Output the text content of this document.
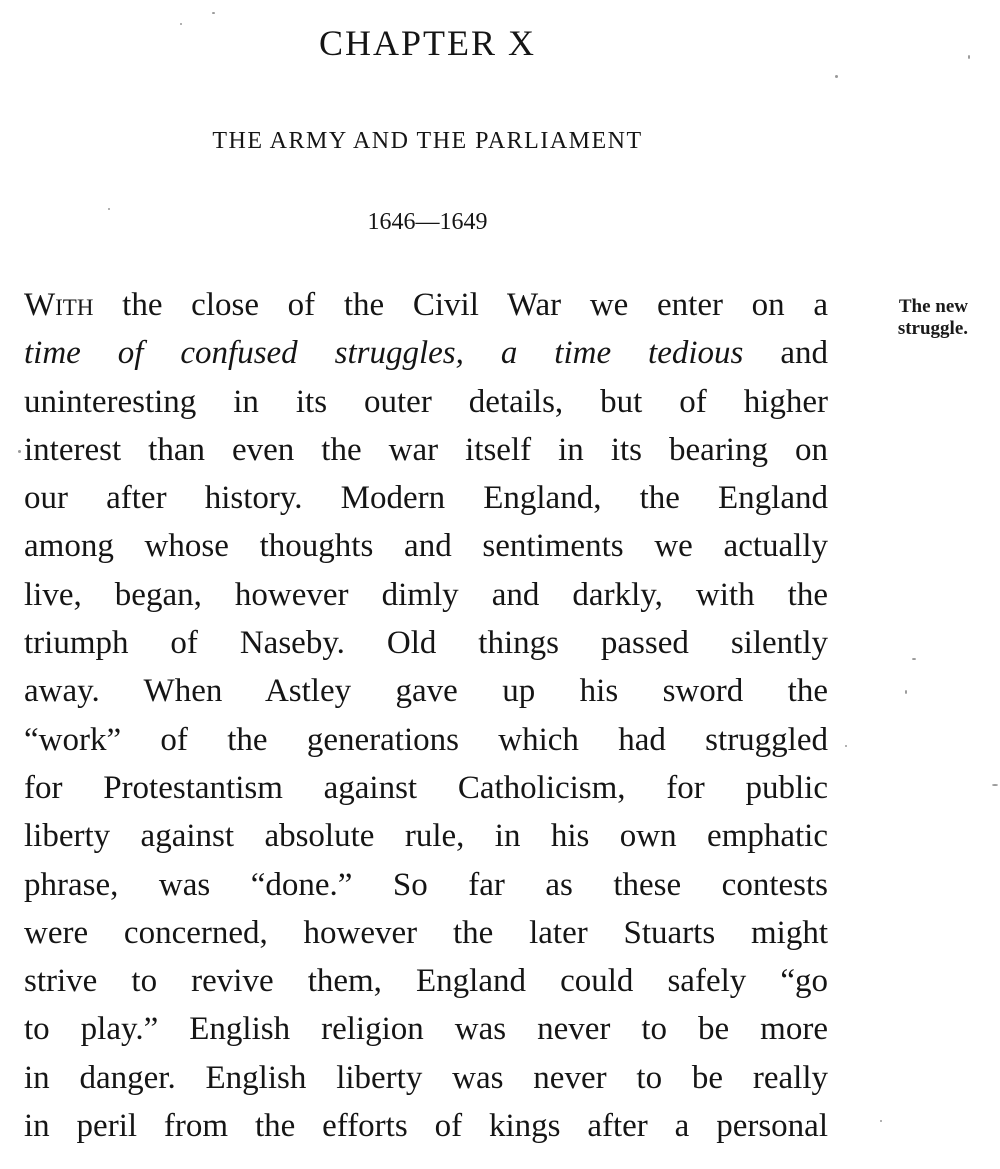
CHAPTER X
THE ARMY AND THE PARLIAMENT
1646—1649
The new
struggle.
With the close of the Civil War we enter on a
time of confused struggles, a time tedious and
uninteresting in its outer details, but of higher
interest than even the war itself in its bearing on
our after history. Modern England, the England
among whose thoughts and sentiments we actually
live, began, however dimly and darkly, with the
triumph of Naseby. Old things passed silently
away. When Astley gave up his sword the
“work” of the generations which had struggled
for Protestantism against Catholicism, for public
liberty against absolute rule, in his own emphatic
phrase, was “done.” So far as these contests
were concerned, however the later Stuarts might
strive to revive them, England could safely “go
to play.” English religion was never to be more
in danger. English liberty was never to be really
in peril from the efforts of kings after a personal
